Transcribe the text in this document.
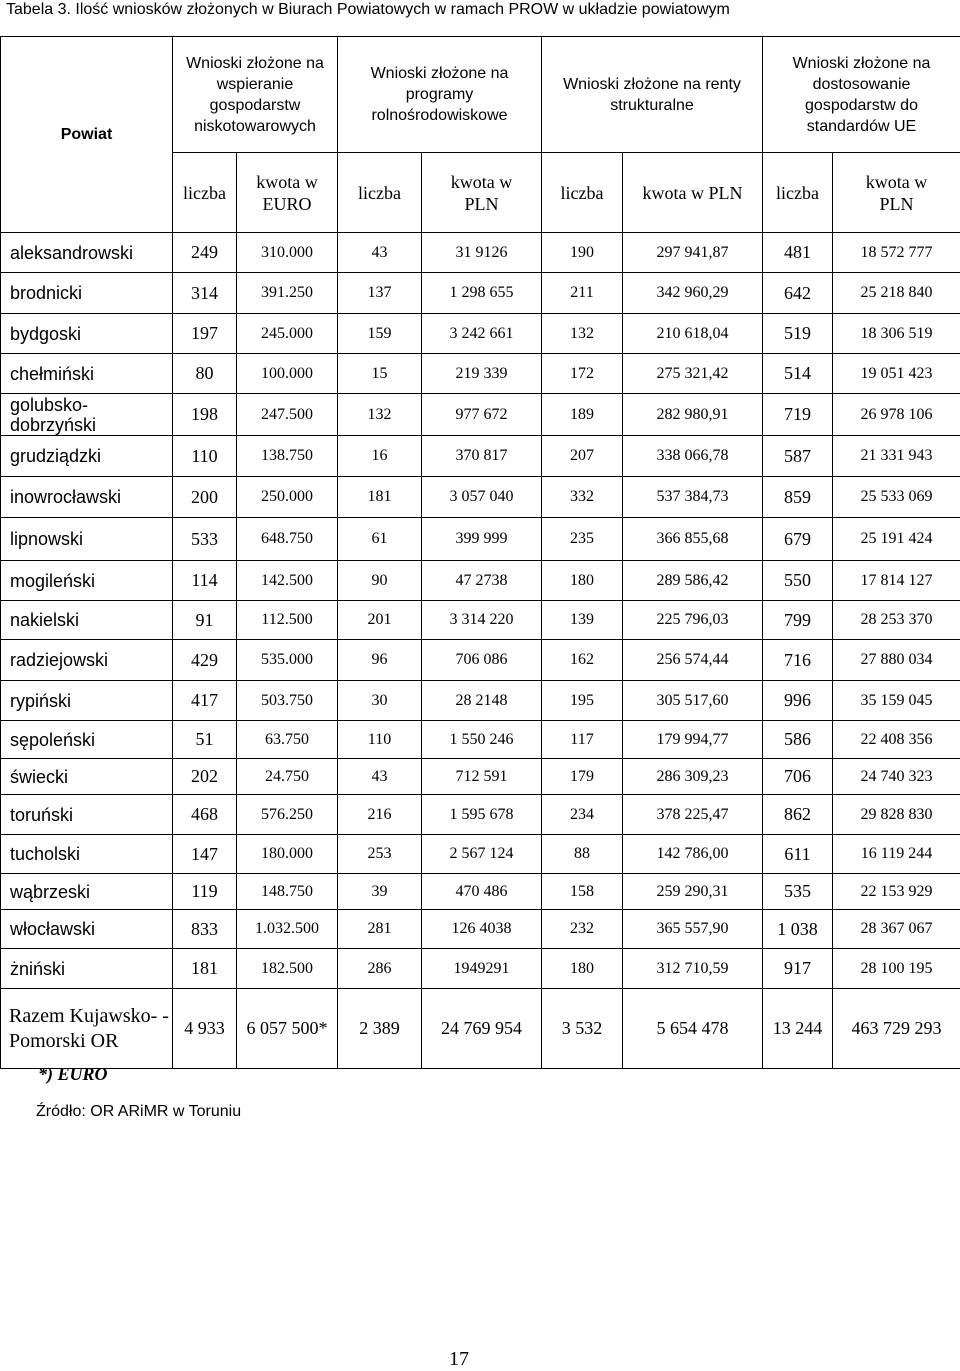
Tabela 3. Ilość wniosków złożonych w Biurach Powiatowych w ramach PROW w układzie powiatowym
Powiat	Wnioski złożone na wspieranie gospodarstw niskotowarowych		Wnioski złożone na programy rolnośrodowiskowe		Wnioski złożone na renty strukturalne		Wnioski złożone na dostosowanie gospodarstw do standardów UE	
	liczba	kwota w EURO	liczba	kwota w PLN	liczba	kwota w PLN	liczba	kwota w PLN
aleksandrowski	249	310.000	43	31 9126	190	297 941,87	481	18 572 777
brodnicki	314	391.250	137	1 298 655	211	342 960,29	642	25 218 840
bydgoski	197	245.000	159	3 242 661	132	210 618,04	519	18 306 519
chełmiński	80	100.000	15	219 339	172	275 321,42	514	19 051 423
golubsko-dobrzyński	198	247.500	132	977 672	189	282 980,91	719	26 978 106
grudziądzki	110	138.750	16	370 817	207	338 066,78	587	21 331 943
inowrocławski	200	250.000	181	3 057 040	332	537 384,73	859	25 533 069
lipnowski	533	648.750	61	399 999	235	366 855,68	679	25 191 424
mogileński	114	142.500	90	47 2738	180	289 586,42	550	17 814 127
nakielski	91	112.500	201	3 314 220	139	225 796,03	799	28 253 370
radziejowski	429	535.000	96	706 086	162	256 574,44	716	27 880 034
rypiński	417	503.750	30	28 2148	195	305 517,60	996	35 159 045
sępoleński	51	63.750	110	1 550 246	117	179 994,77	586	22 408 356
świecki	202	24.750	43	712 591	179	286 309,23	706	24 740 323
toruński	468	576.250	216	1 595 678	234	378 225,47	862	29 828 830
tucholski	147	180.000	253	2 567 124	88	142 786,00	611	16 119 244
wąbrzeski	119	148.750	39	470 486	158	259 290,31	535	22 153 929
włocławski	833	1.032.500	281	126 4038	232	365 557,90	1 038	28 367 067
żniński	181	182.500	286	1949291	180	312 710,59	917	28 100 195
Razem Kujawsko- -Pomorski OR	4 933	6 057 500*	2 389	24 769 954	3 532	5 654 478	13 244	463 729 293
*) EURO
Źródło: OR ARiMR w Toruniu
17
